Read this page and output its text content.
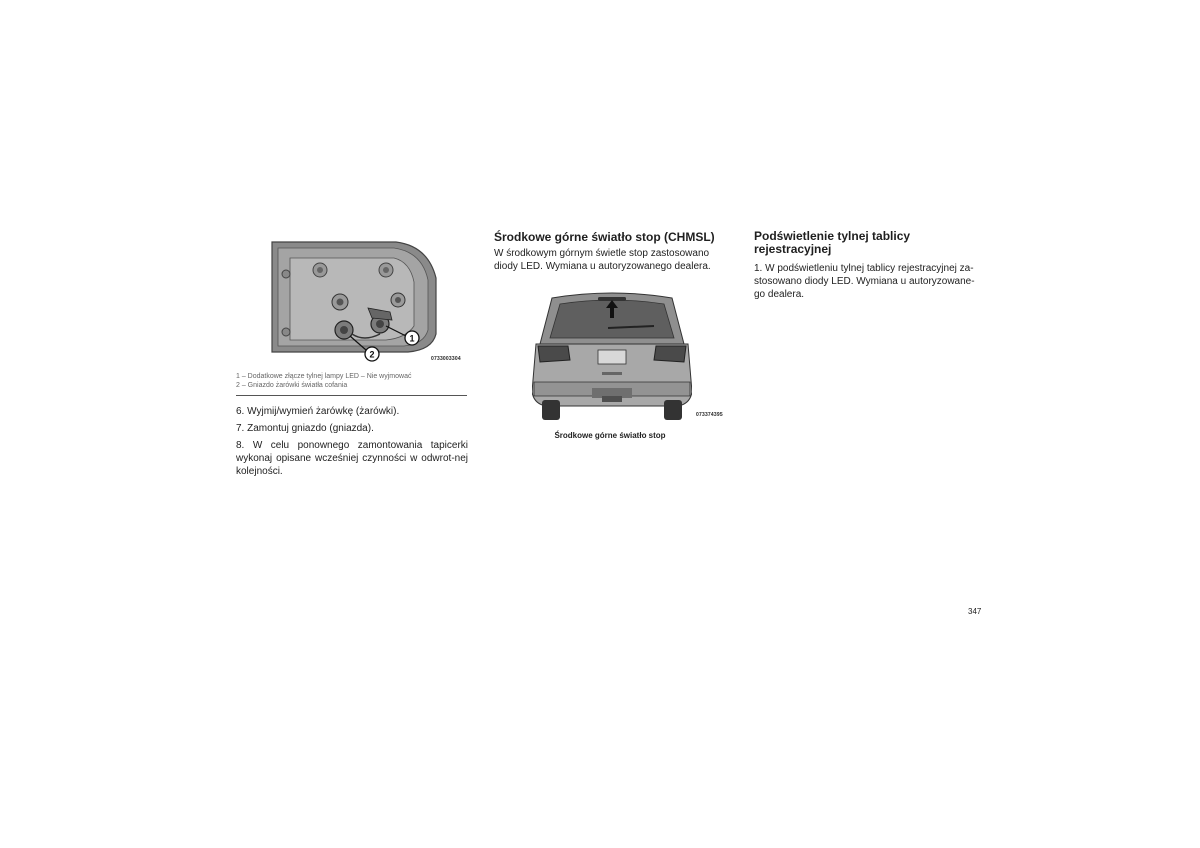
1
2	0733003304
1 – Dodatkowe złącze tylnej lampy LED – Nie wyjmować
2 – Gniazdo żarówki światła cofania
6. Wyjmij/wymień żarówkę (żarówki).
7. Zamontuj gniazdo (gniazda).
8. W celu ponownego zamontowania tapicerki wykonaj opisane wcześniej czynności w odwrot-nej kolejności.
Środkowe górne światło stop (CHMSL)
W środkowym górnym świetle stop zastosowano
diody LED. Wymiana u autoryzowanego dealera.
073374395
Środkowe górne światło stop
Podświetlenie tylnej tablicy
rejestracyjnej
1. W podświetleniu tylnej tablicy rejestracyjnej za-
stosowano diody LED. Wymiana u autoryzowane-
go dealera.
347
